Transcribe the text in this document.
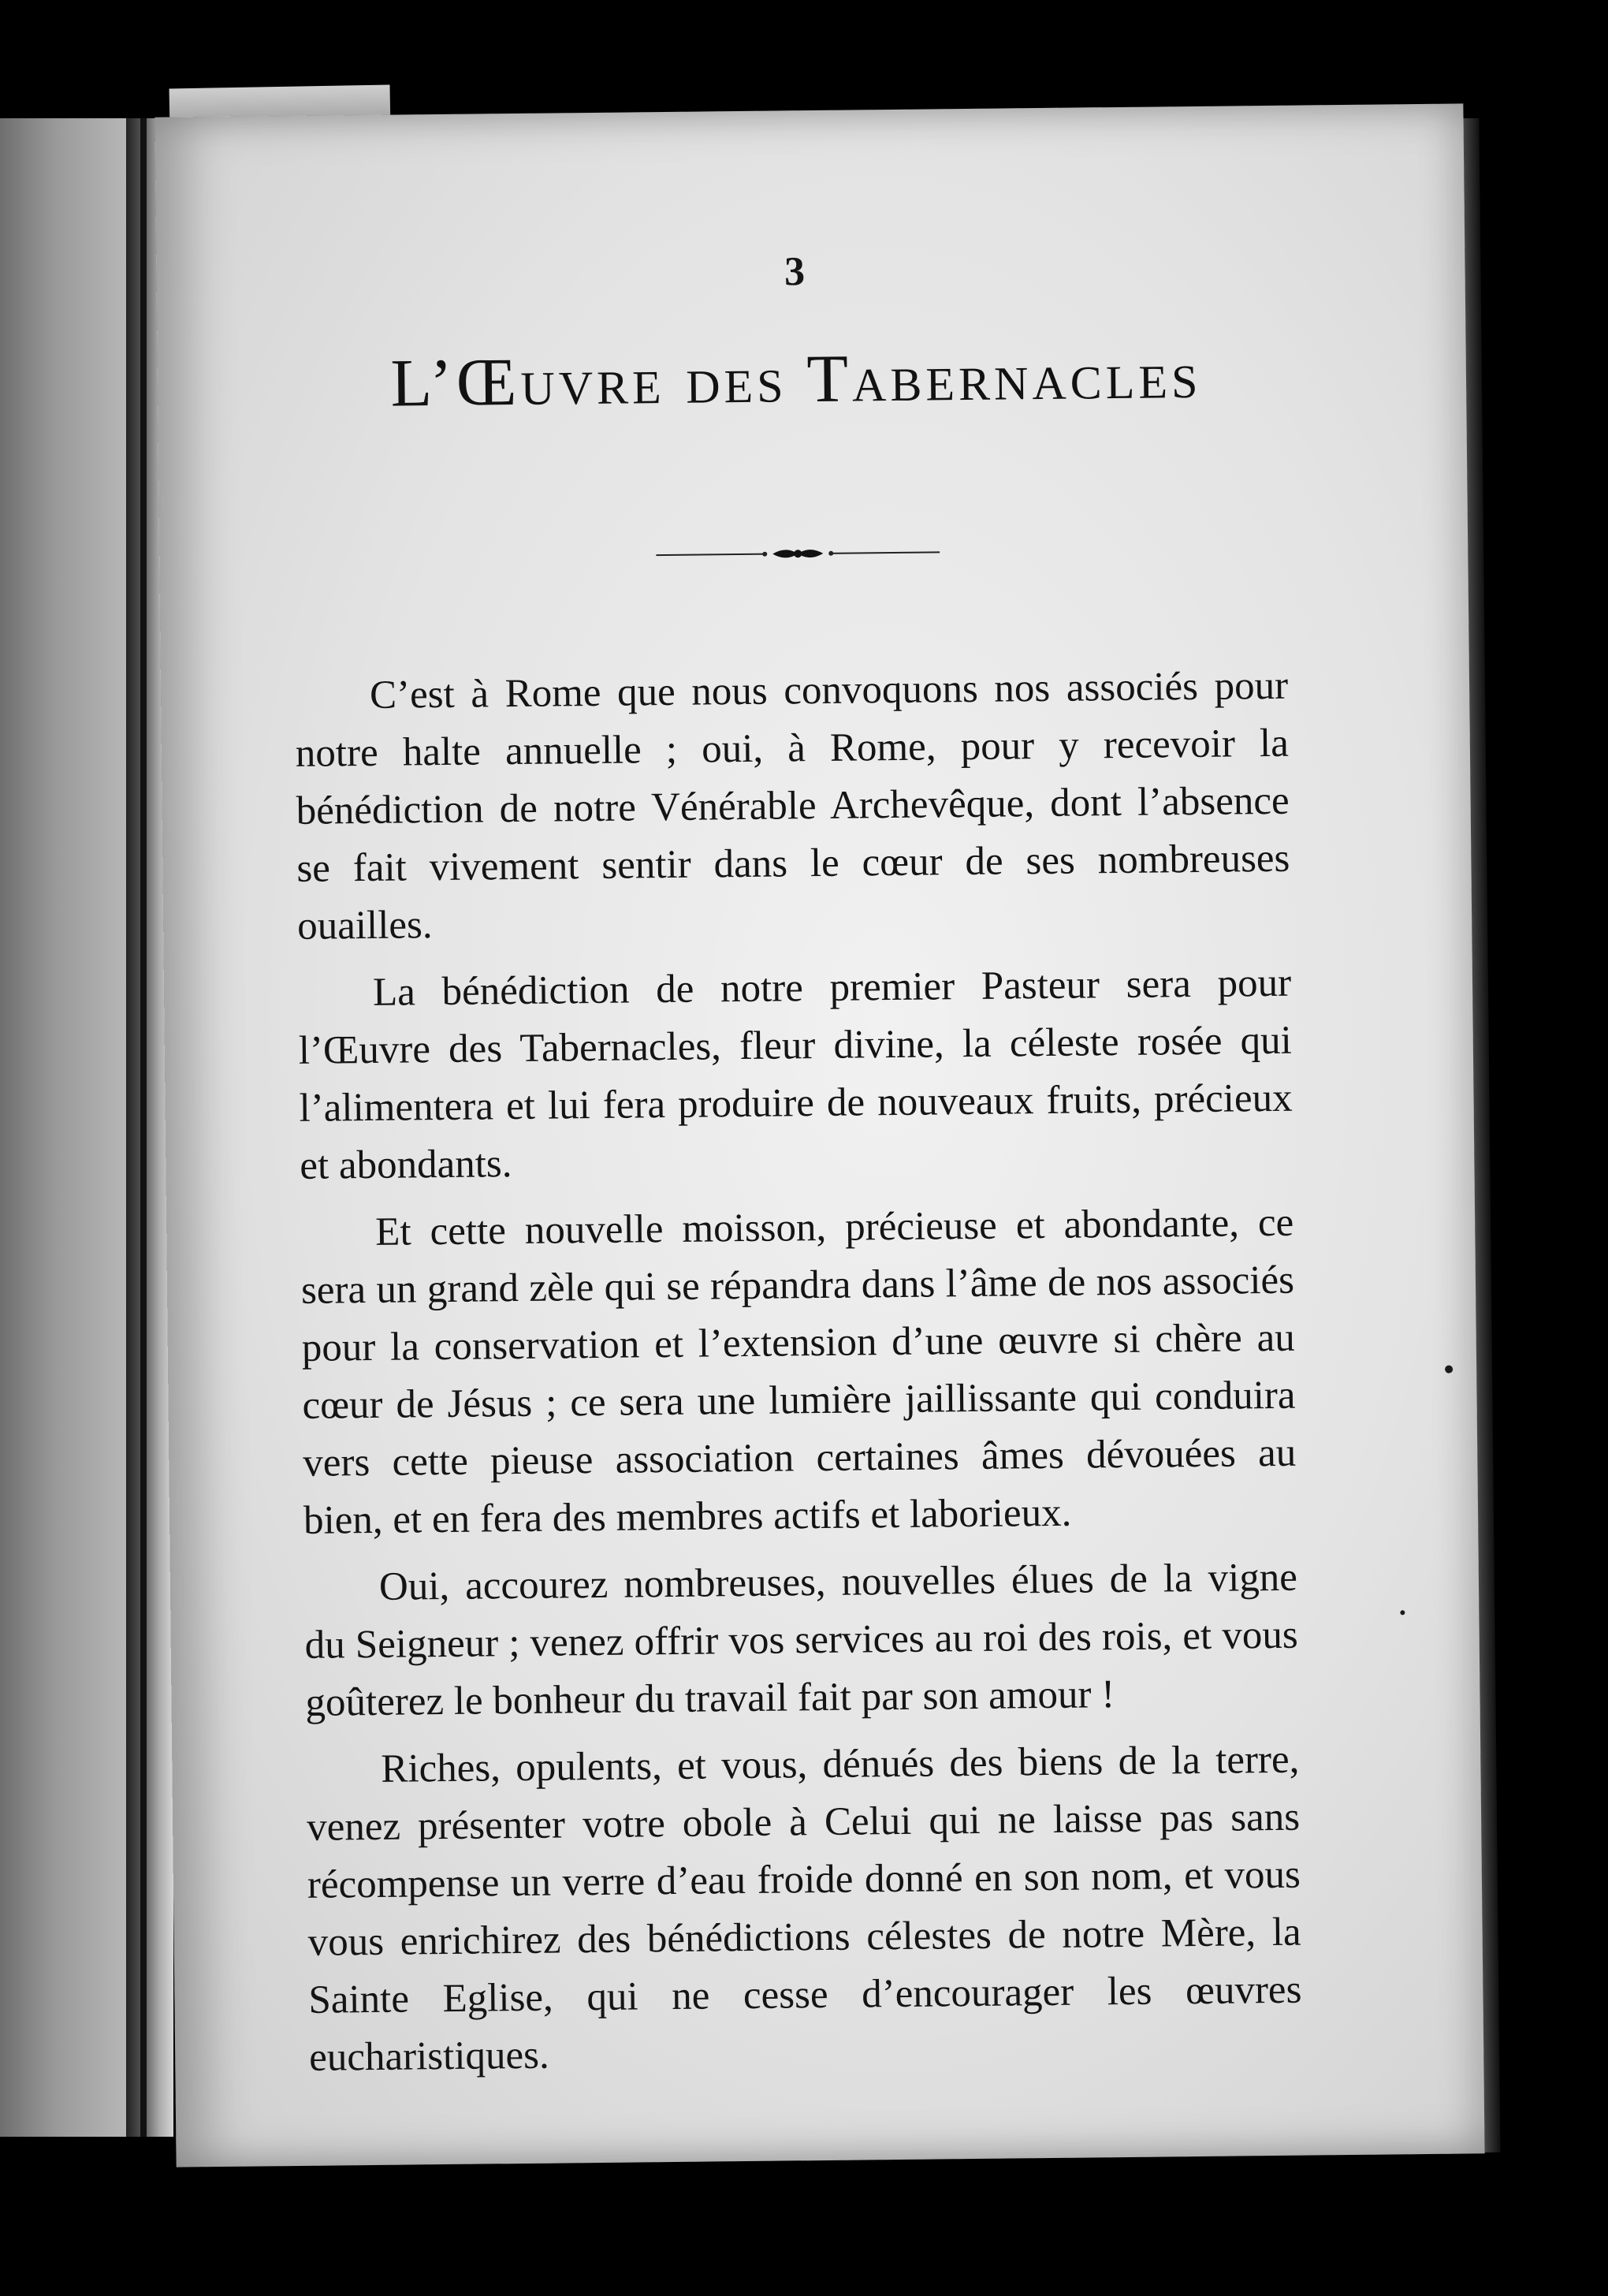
3
L’Œuvre des Tabernacles

C’est à Rome que nous convoquons nos associés pour notre halte annuelle ; oui, à Rome, pour y recevoir la bénédiction de notre Vénérable Archevêque, dont l’absence se fait vivement sentir dans le cœur de ses nombreuses ouailles.

La bénédiction de notre premier Pasteur sera pour l’Œuvre des Tabernacles, fleur divine, la céleste rosée qui l’alimentera et lui fera produire de nouveaux fruits, précieux et abondants.

Et cette nouvelle moisson, précieuse et abondante, ce sera un grand zèle qui se répandra dans l’âme de nos associés pour la conservation et l’extension d’une œuvre si chère au cœur de Jésus ; ce sera une lumière jaillissante qui conduira vers cette pieuse association certaines âmes dévouées au bien, et en fera des membres actifs et laborieux.

Oui, accourez nombreuses, nouvelles élues de la vigne du Seigneur ; venez offrir vos services au roi des rois, et vous goûterez le bonheur du travail fait par son amour !

Riches, opulents, et vous, dénués des biens de la terre, venez présenter votre obole à Celui qui ne laisse pas sans récompense un verre d’eau froide donné en son nom, et vous vous enrichirez des bénédictions célestes de notre Mère, la Sainte Eglise, qui ne cesse d’encourager les œuvres eucharistiques.
